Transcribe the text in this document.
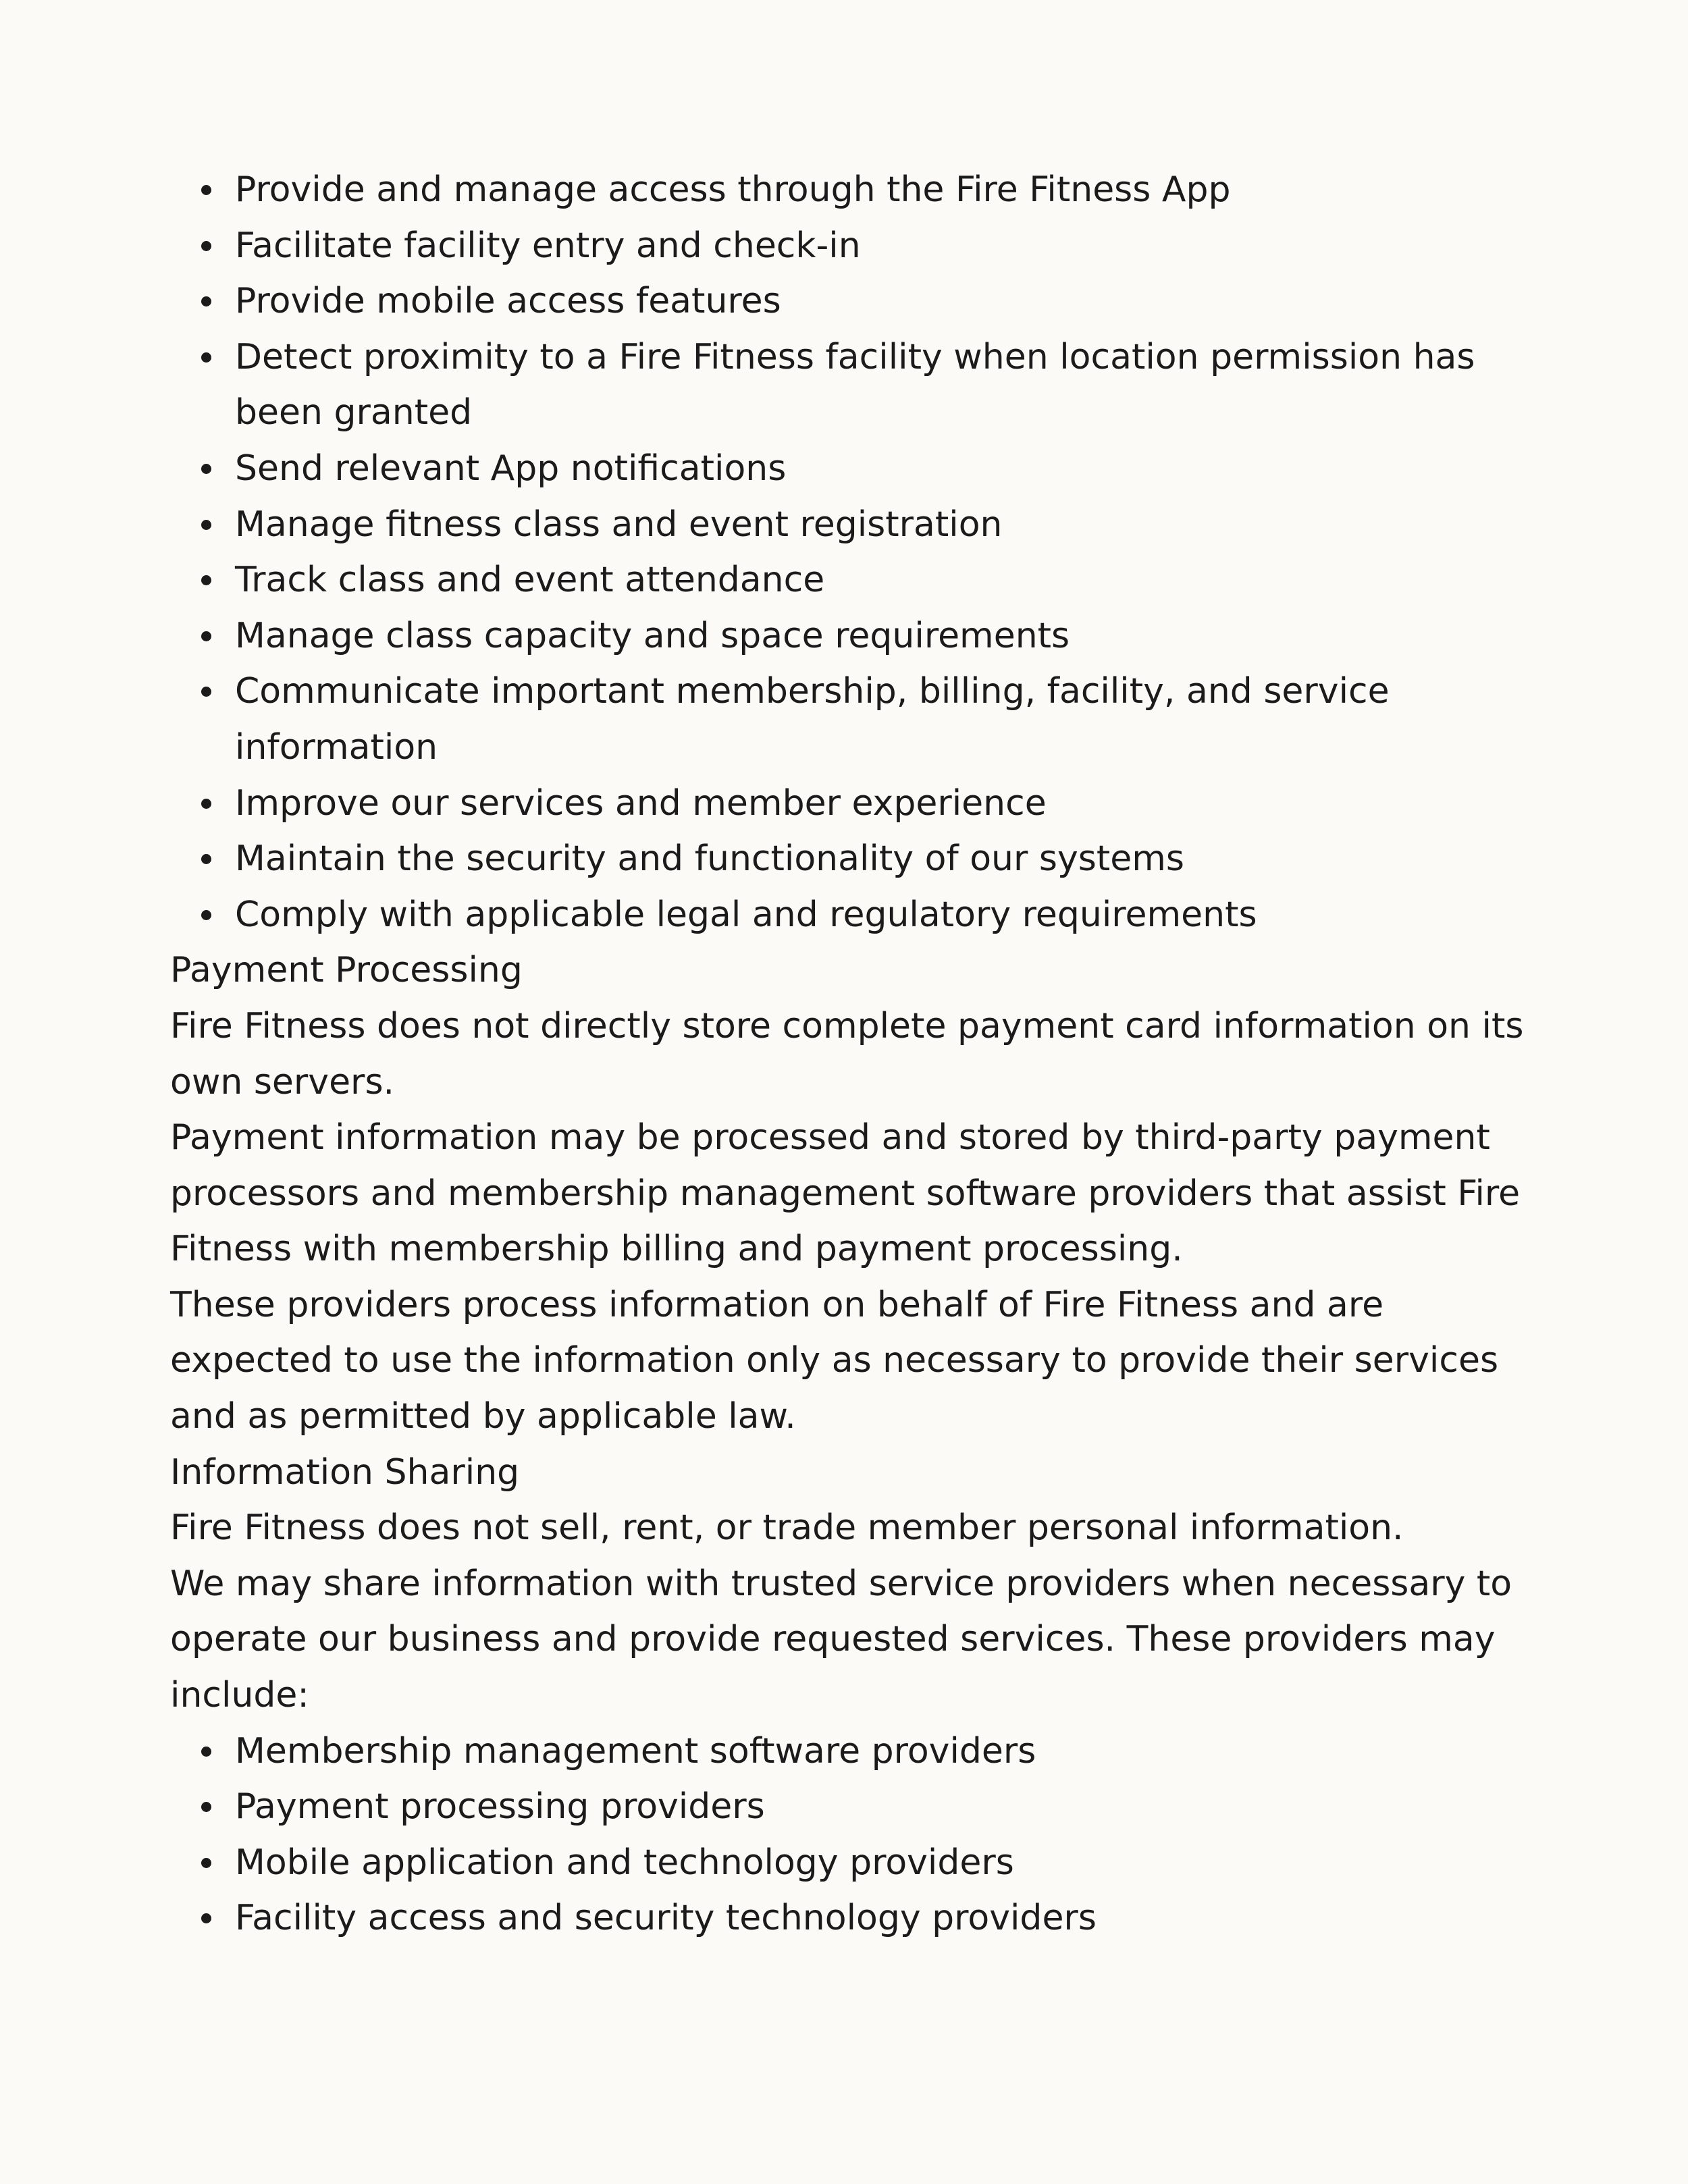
Provide and manage access through the Fire Fitness App
Facilitate facility entry and check-in
Provide mobile access features
Detect proximity to a Fire Fitness facility when location permission has been granted
Send relevant App notifications
Manage fitness class and event registration
Track class and event attendance
Manage class capacity and space requirements
Communicate important membership, billing, facility, and service information
Improve our services and member experience
Maintain the security and functionality of our systems
Comply with applicable legal and regulatory requirements

Payment Processing

Fire Fitness does not directly store complete payment card information on its own servers.

Payment information may be processed and stored by third-party payment processors and membership management software providers that assist Fire Fitness with membership billing and payment processing.

These providers process information on behalf of Fire Fitness and are expected to use the information only as necessary to provide their services and as permitted by applicable law.

Information Sharing

Fire Fitness does not sell, rent, or trade member personal information.

We may share information with trusted service providers when necessary to operate our business and provide requested services. These providers may include:

Membership management software providers
Payment processing providers
Mobile application and technology providers
Facility access and security technology providers
